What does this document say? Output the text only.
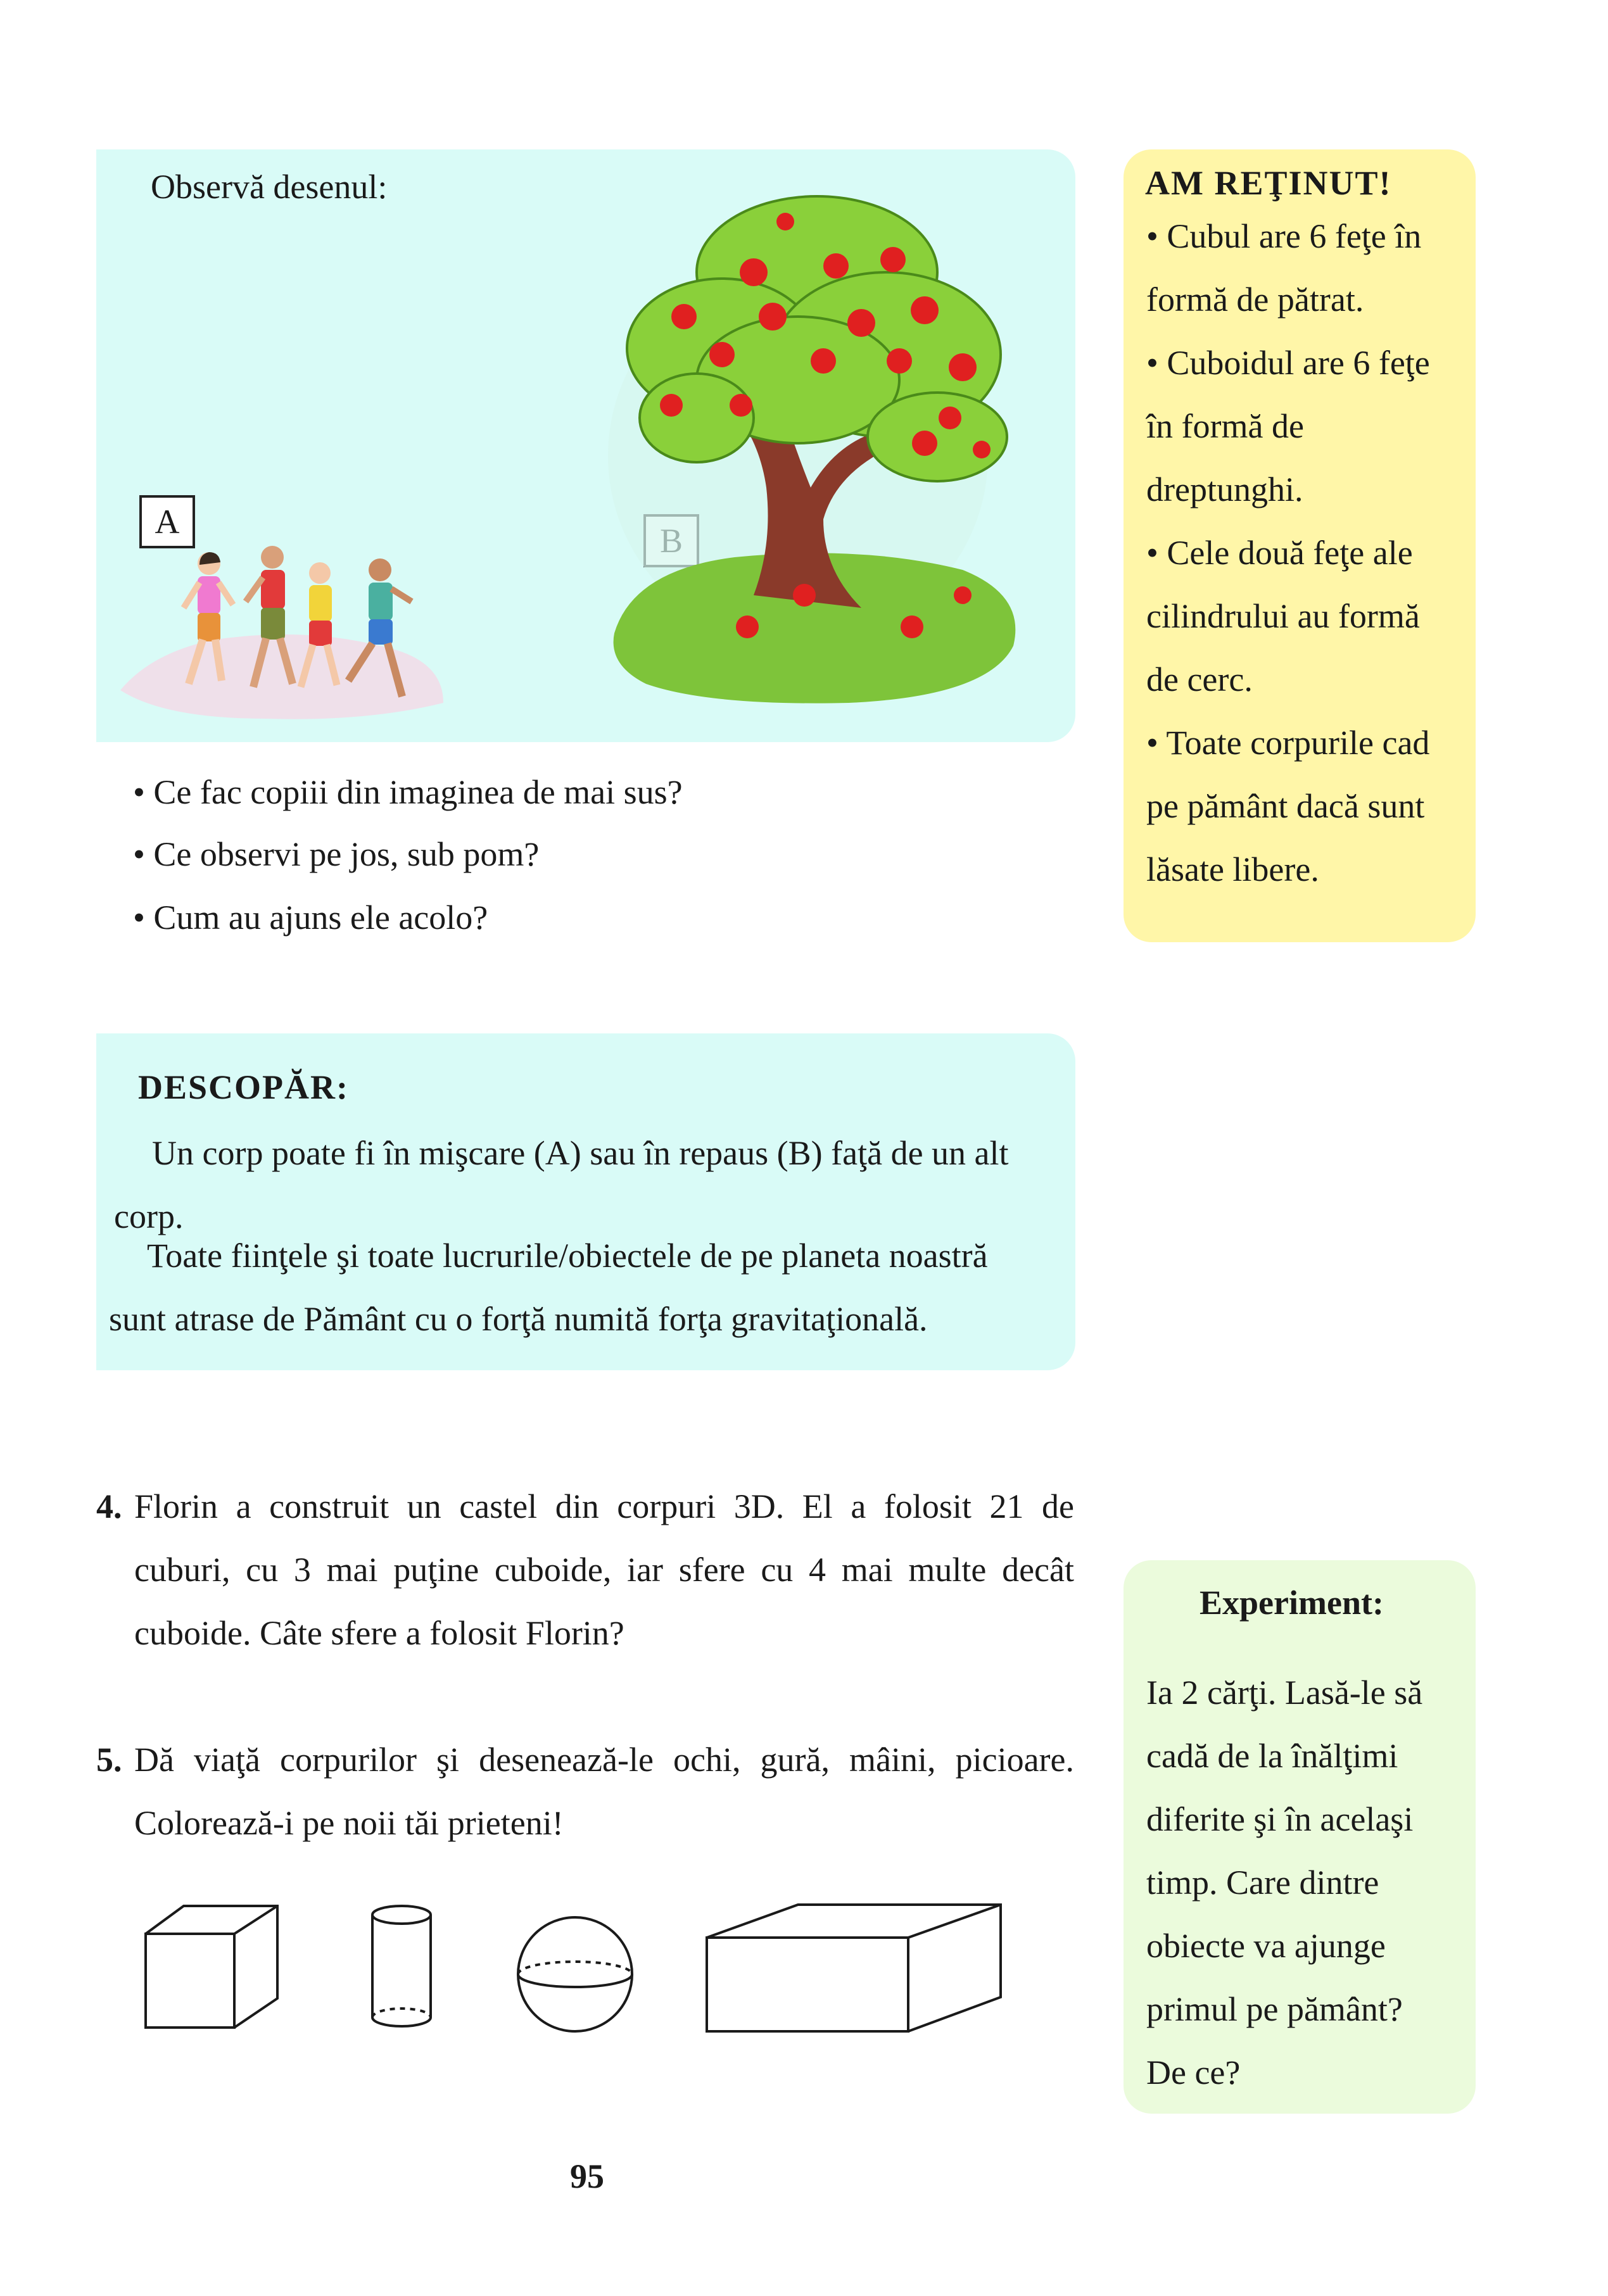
Observă desenul:
A
• Ce fac copiii din imaginea de mai sus?
• Ce observi pe jos, sub pom?
• Cum au ajuns ele acolo?
AM REŢINUT!
• Cubul are 6 feţe în
formă de pătrat.
• Cuboidul are 6 feţe
în formă de
dreptunghi.
• Cele două feţe ale
cilindrului au formă
de cerc.
• Toate corpurile cad
pe pământ dacă sunt
lăsate libere.
DESCOPĂR:
Un corp poate fi în mişcare (A) sau în repaus (B) faţă de un alt
corp.
Toate fiinţele şi toate lucrurile/obiectele de pe planeta noastră
sunt atrase de Pământ cu o forţă numită forţa gravitaţională.
4. Florin a construit un castel din corpuri 3D. El a folosit 21 de
cuburi, cu 3 mai puţine cuboide, iar sfere cu 4 mai multe decât
cuboide. Câte sfere a folosit Florin?
5. Dă viaţă corpurilor şi desenează-le ochi, gură, mâini, picioare.
Colorează-i pe noii tăi prieteni!
Experiment:
Ia 2 cărţi. Lasă-le să
cadă de la înălţimi
diferite şi în acelaşi
timp. Care dintre
obiecte va ajunge
primul pe pământ?
De ce?
95
